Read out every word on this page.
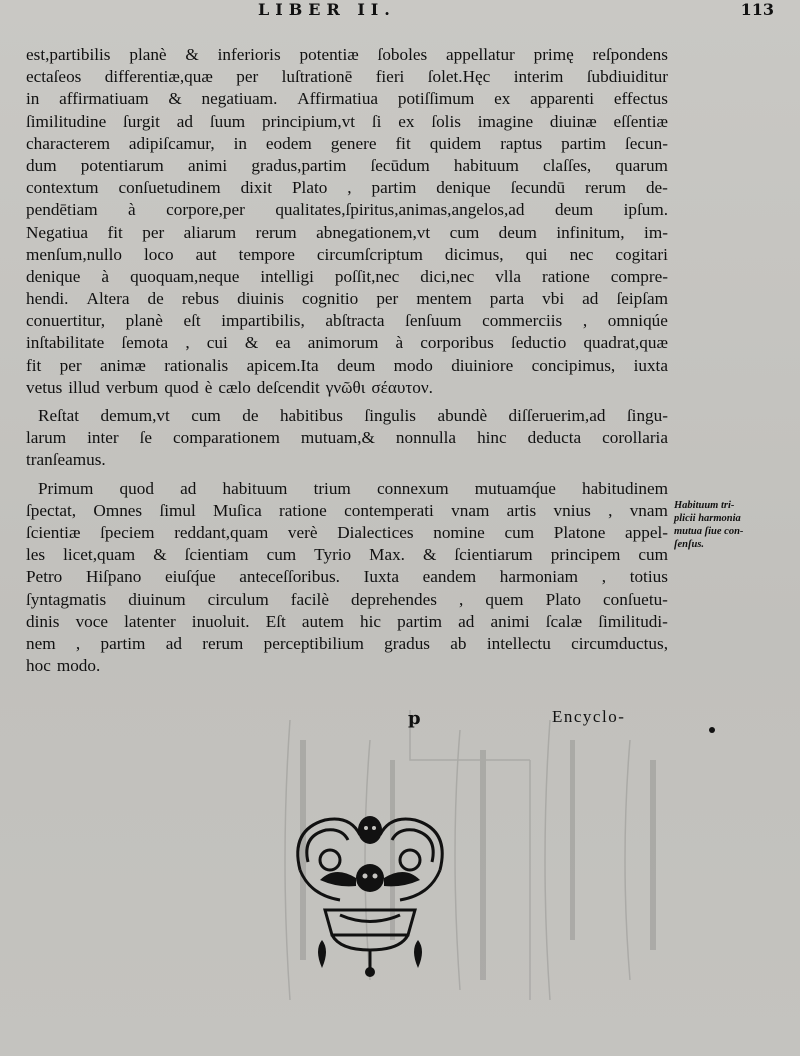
LIBER II.	113
est,partibilis planè & inferioris potentiæ ſoboles appellatur primę reſpondens
ectaſeos differentiæ,quæ per luſtrationē fieri ſolet.Hęc interim ſubdiuiditur
in affirmatiuam & negatiuam. Affirmatiua potiſſimum ex apparenti effectus
ſimilitudine ſurgit ad ſuum principium,vt ſi ex ſolis imagine diuinæ eſſentiæ
characterem adipiſcamur, in eodem genere fit quidem raptus partim ſecun-
dum potentiarum animi gradus,partim ſecūdum habituum claſſes, quarum
contextum conſuetudinem dixit Plato , partim denique ſecundū rerum de-
pendētiam à corpore,per qualitates,ſpiritus,animas,angelos,ad deum ipſum.
Negatiua fit per aliarum rerum abnegationem,vt cum deum infinitum, im-
menſum,nullo loco aut tempore circumſcriptum dicimus, qui nec cogitari
denique à quoquam,neque intelligi poſſit,nec dici,nec vlla ratione compre-
hendi. Altera de rebus diuinis cognitio per mentem parta vbi ad ſeipſam
conuertitur, planè eſt impartibilis, abſtracta ſenſuum commerciis , omniqúe
inſtabilitate ſemota , cui & ea animorum à corporibus ſeductio quadrat,quæ
fit per animæ rationalis apicem.Ita deum modo diuiniore concipimus, iuxta
vetus illud verbum quod è cælo deſcendit γνῶθι σέαυτον.
Reſtat demum,vt cum de habitibus ſingulis abundè diſſeruerim,ad ſingu-
larum inter ſe comparationem mutuam,& nonnulla hinc deducta corollaria
tranſeamus.
Primum quod ad habituum trium connexum mutuamq́ue habitudinem
ſpectat, Omnes ſimul Muſica ratione contemperati vnam artis vnius , vnam
ſcientiæ ſpeciem reddant,quam verè Dialectices nomine cum Platone appel-
les licet,quam & ſcientiam cum Tyrio Max. & ſcientiarum principem cum
Petro Hiſpano eiuſq́ue anteceſſoribus. Iuxta eandem harmoniam , totius
ſyntagmatis diuinum circulum facilè deprehendes , quem Plato conſuetu-
dinis voce latenter inuoluit. Eſt autem hic partim ad animi ſcalæ ſimilitudi-
nem , partim ad rerum perceptibilium gradus ab intellectu circumductus,
hoc modo.
Habituum tri-
plicii harmonia
mutua ſiue con-
ſenſus.
p	Encyclo-
